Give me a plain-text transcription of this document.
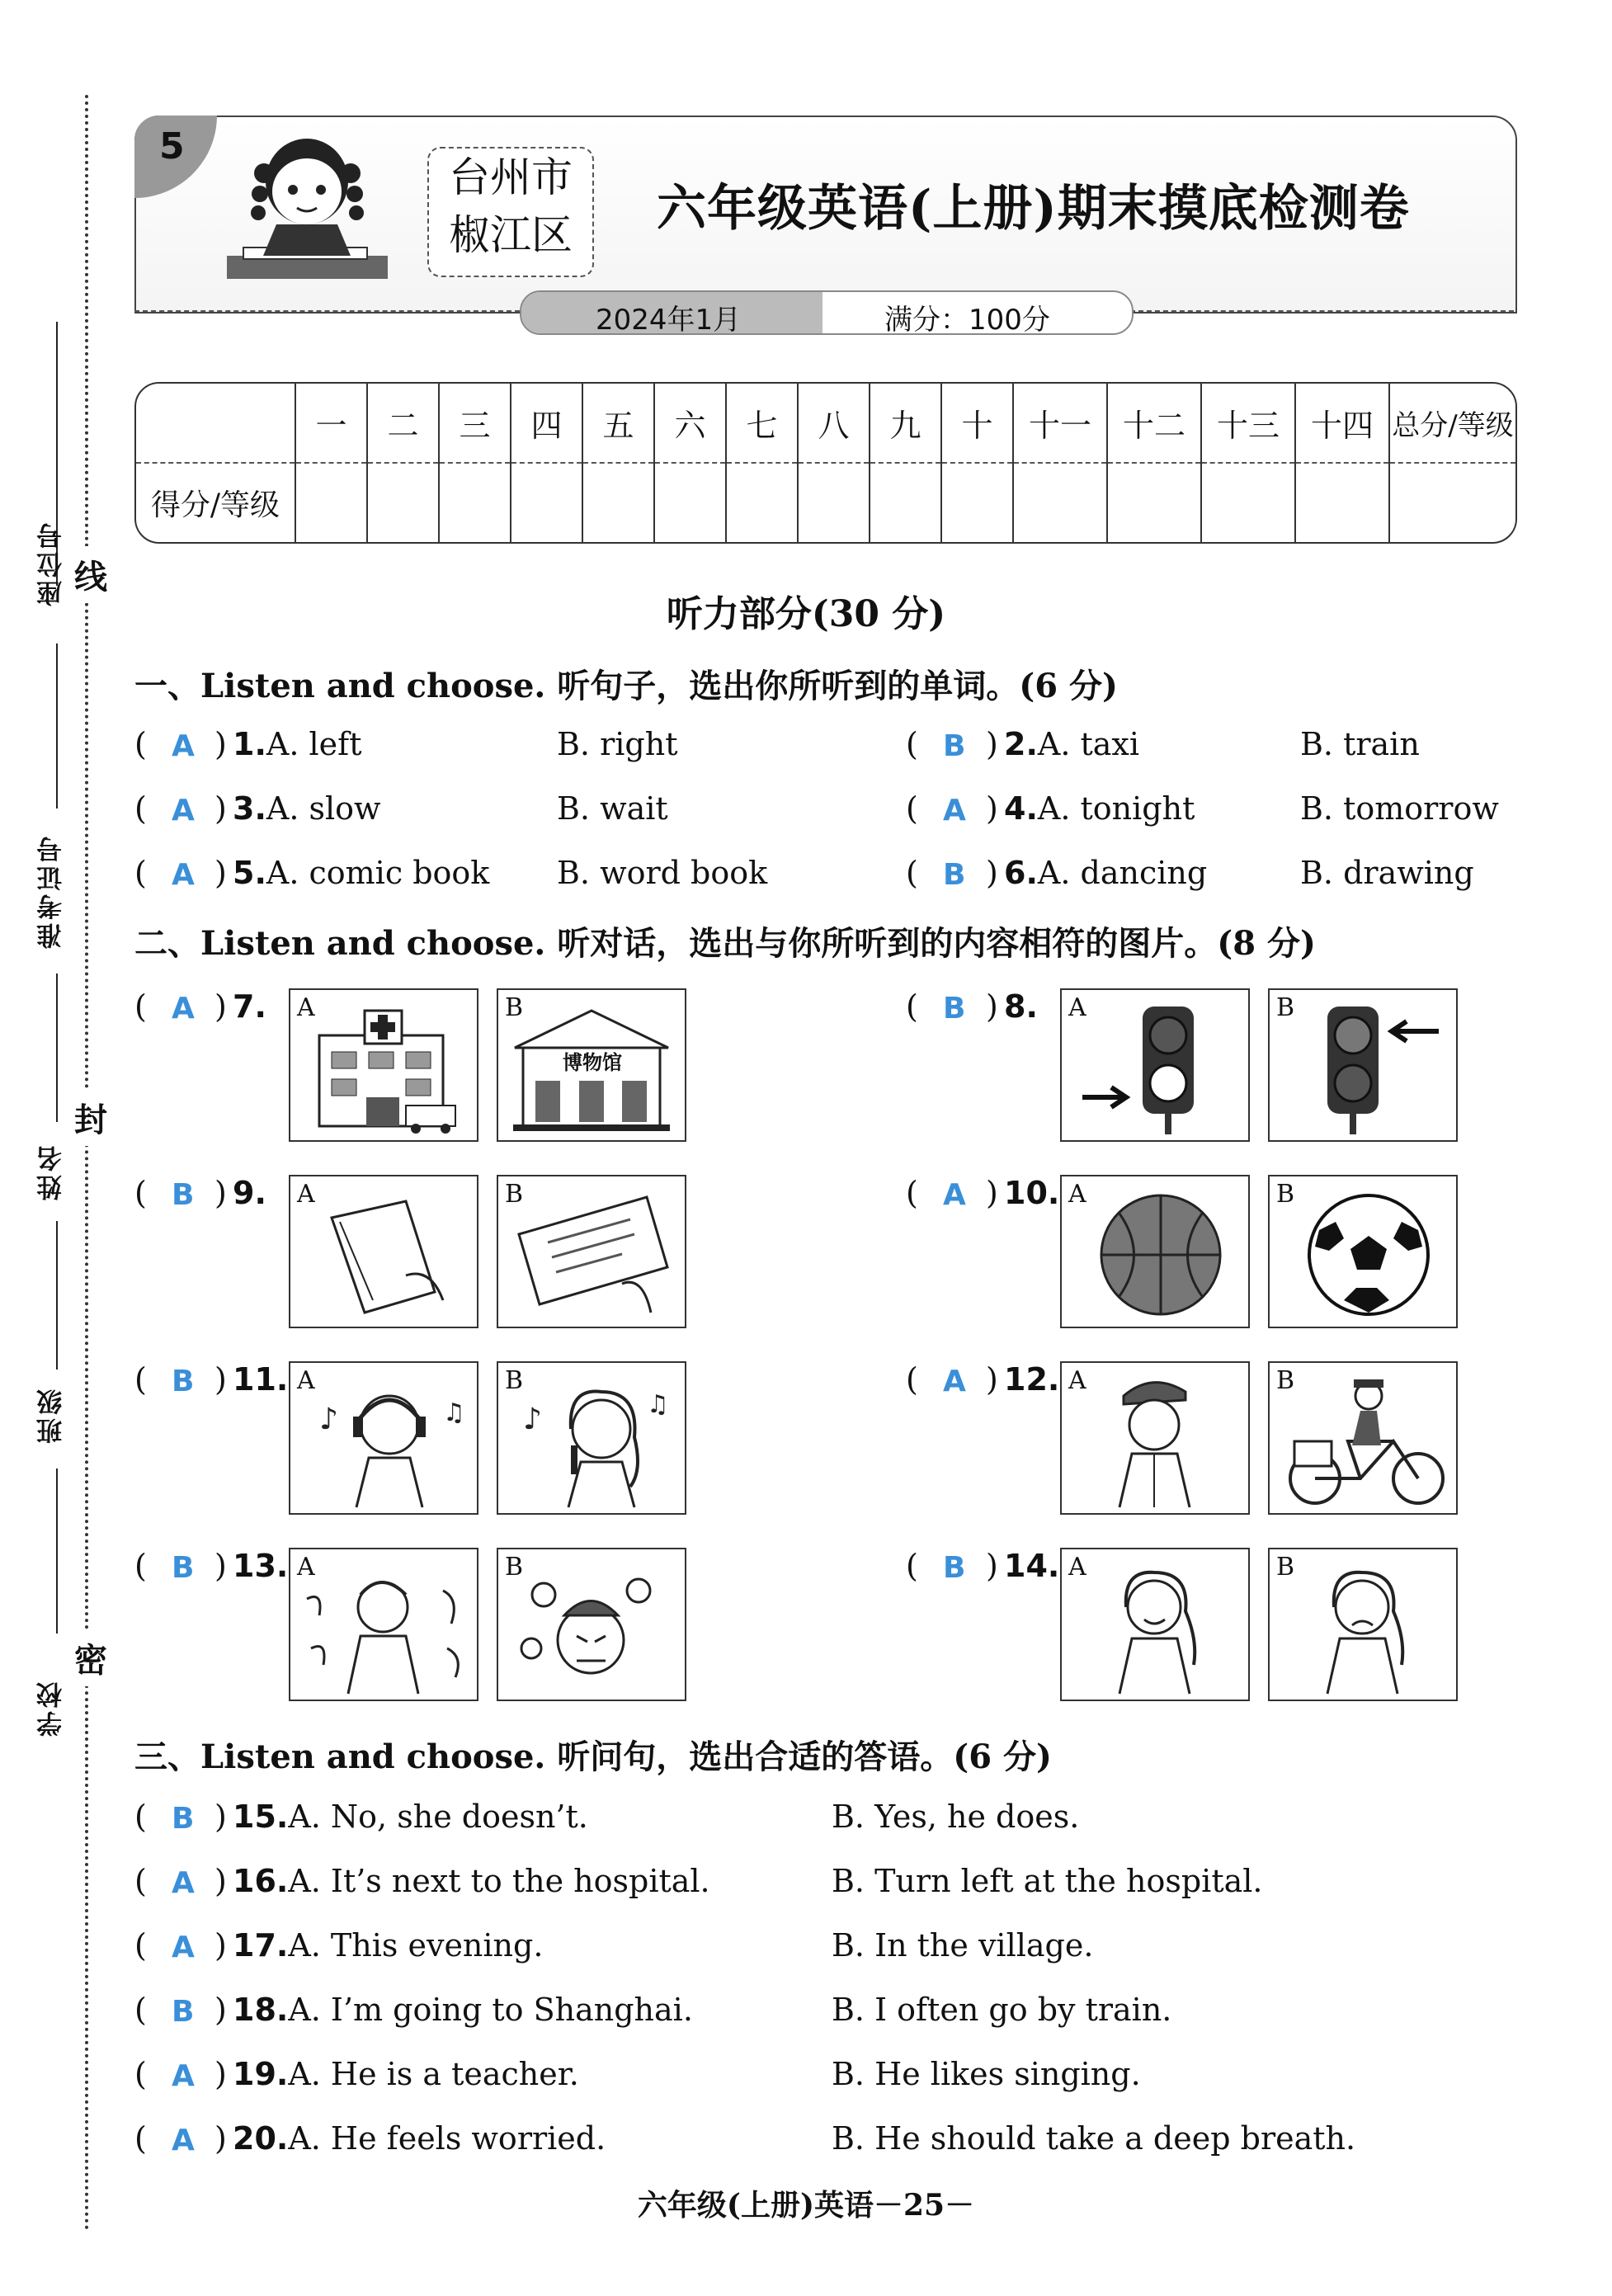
座位号 线
准考证号
封
姓名
班级
密
学校
5
台州市
椒江区	六年级英语(上册)期末摸底检测卷
2024年1月	满分：100分
	一	二	三	四	五	六	七	八	九	十	十一	十二	十三	十四	总分/等级
得分/等级															
听力部分(30 分)
一、Listen and choose. 听句子，选出你所听到的单词。(6 分)
( A ) 1.A. left	B. right	( B ) 2.A. taxi	B. train
( A ) 3.A. slow	B. wait	( A ) 4.A. tonight	B. tomorrow
( A ) 5.A. comic book B. word book	( B ) 6.A. dancing	B. drawing
二、Listen and choose. 听对话，选出与你所听到的内容相符的图片。(8 分)
( A ) 7. A	B
博物馆
( B ) 8. A	B
( B ) 9. A	B	( A ) 10. A	B
( B ) 11. A
♪	♫
B
♪	♫
( A ) 12. A	B
( B ) 13. A	B	( B ) 14. A	B
三、Listen and choose. 听问句，选出合适的答语。(6 分)
( B ) 15.A. No, she doesn’t.	B. Yes, he does.
( A ) 16.A. It’s next to the hospital.	B. Turn left at the hospital.
( A ) 17.A. This evening.	B. In the village.
( B ) 18.A. I’m going to Shanghai.	B. I often go by train.
( A ) 19.A. He is a teacher.	B. He likes singing.
( A ) 20.A. He feels worried.	B. He should take a deep breath.
六年级(上册)英语－25－
